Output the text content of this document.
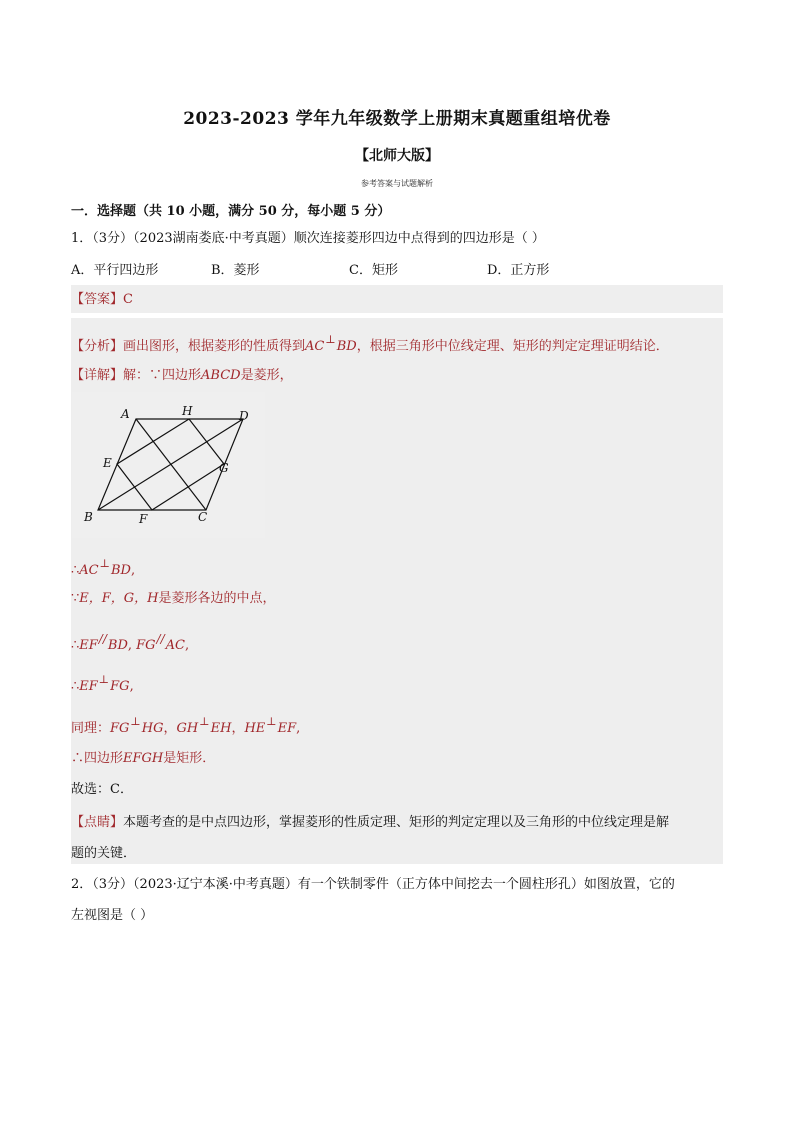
2023-2023 学年九年级数学上册期末真题重组培优卷
【北师大版】
参考答案与试题解析
一．选择题（共 10 小题，满分 50 分，每小题 5 分）
1．（3分）（2023湖南娄底·中考真题）顺次连接菱形四边中点得到的四边形是（ ）
A．平行四边形	B．菱形	C．矩形	D．正方形
【答案】C
【分析】画出图形，根据菱形的性质得到AC⊥BD，根据三角形中位线定理、矩形的判定定理证明结论．
【详解】解：∵四边形ABCD是菱形，
A	H	D
E	G
B	F	C
∴AC⊥BD,
∵E，F，G，H是菱形各边的中点，
∴EF//BD, FG//AC,
∴EF⊥FG,
同理：FG⊥HG，GH⊥EH，HE⊥EF,
∴四边形EFGH是矩形．
故选：C．
【点睛】本题考查的是中点四边形，掌握菱形的性质定理、矩形的判定定理以及三角形的中位线定理是解
题的关键．
2．（3分）（2023·辽宁本溪·中考真题）有一个铁制零件（正方体中间挖去一个圆柱形孔）如图放置，它的
左视图是（ ）
